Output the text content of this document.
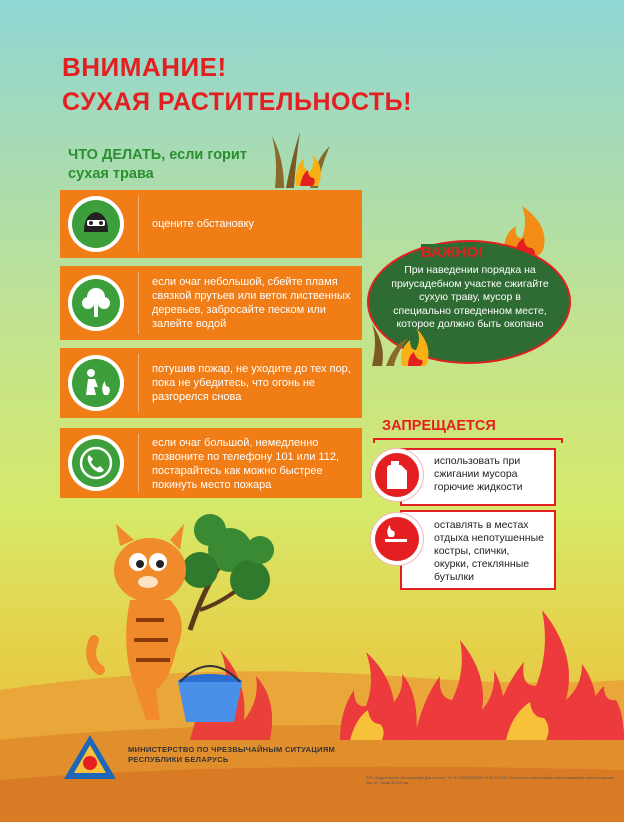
ВНИМАНИЕ!
СУХАЯ РАСТИТЕЛЬНОСТЬ!
ЧТО ДЕЛАТЬ, если горит
сухая трава
оцените обстановку
если очаг небольшой, сбейте пламя связкой прутьев или веток лиственных деревьев, забросайте песком или залейте водой
потушив пожар, не уходите до тех пор, пока не убедитесь, что огонь не разгорелся снова
если очаг большой, немедленно позвоните по телефону 101 или 112, постарайтесь как можно быстрее покинуть место пожара
ВАЖНО!
При наведении порядка на приусадебном участке сжигайте сухую траву, мусор в специально отведенном месте, которое должно быть окопано
ЗАПРЕЩАЕТСЯ
использовать при сжигании мусора горючие жидкости
оставлять в местах отдыха непотушенные костры, спички, окурки, стеклянные бутылки
МИНИСТЕРСТВО ПО ЧРЕЗВЫЧАЙНЫМ СИТУАЦИЯМ
РЕСПУБЛИКИ БЕЛАРУСЬ
РУП «Издательство «Белорусский Дом печати». Ул. № 02330/0494723 от 30.04.2004. Отпечатано в типографии с использованием оригинал-макета. Зак. №. Тираж 30 000 экз.
